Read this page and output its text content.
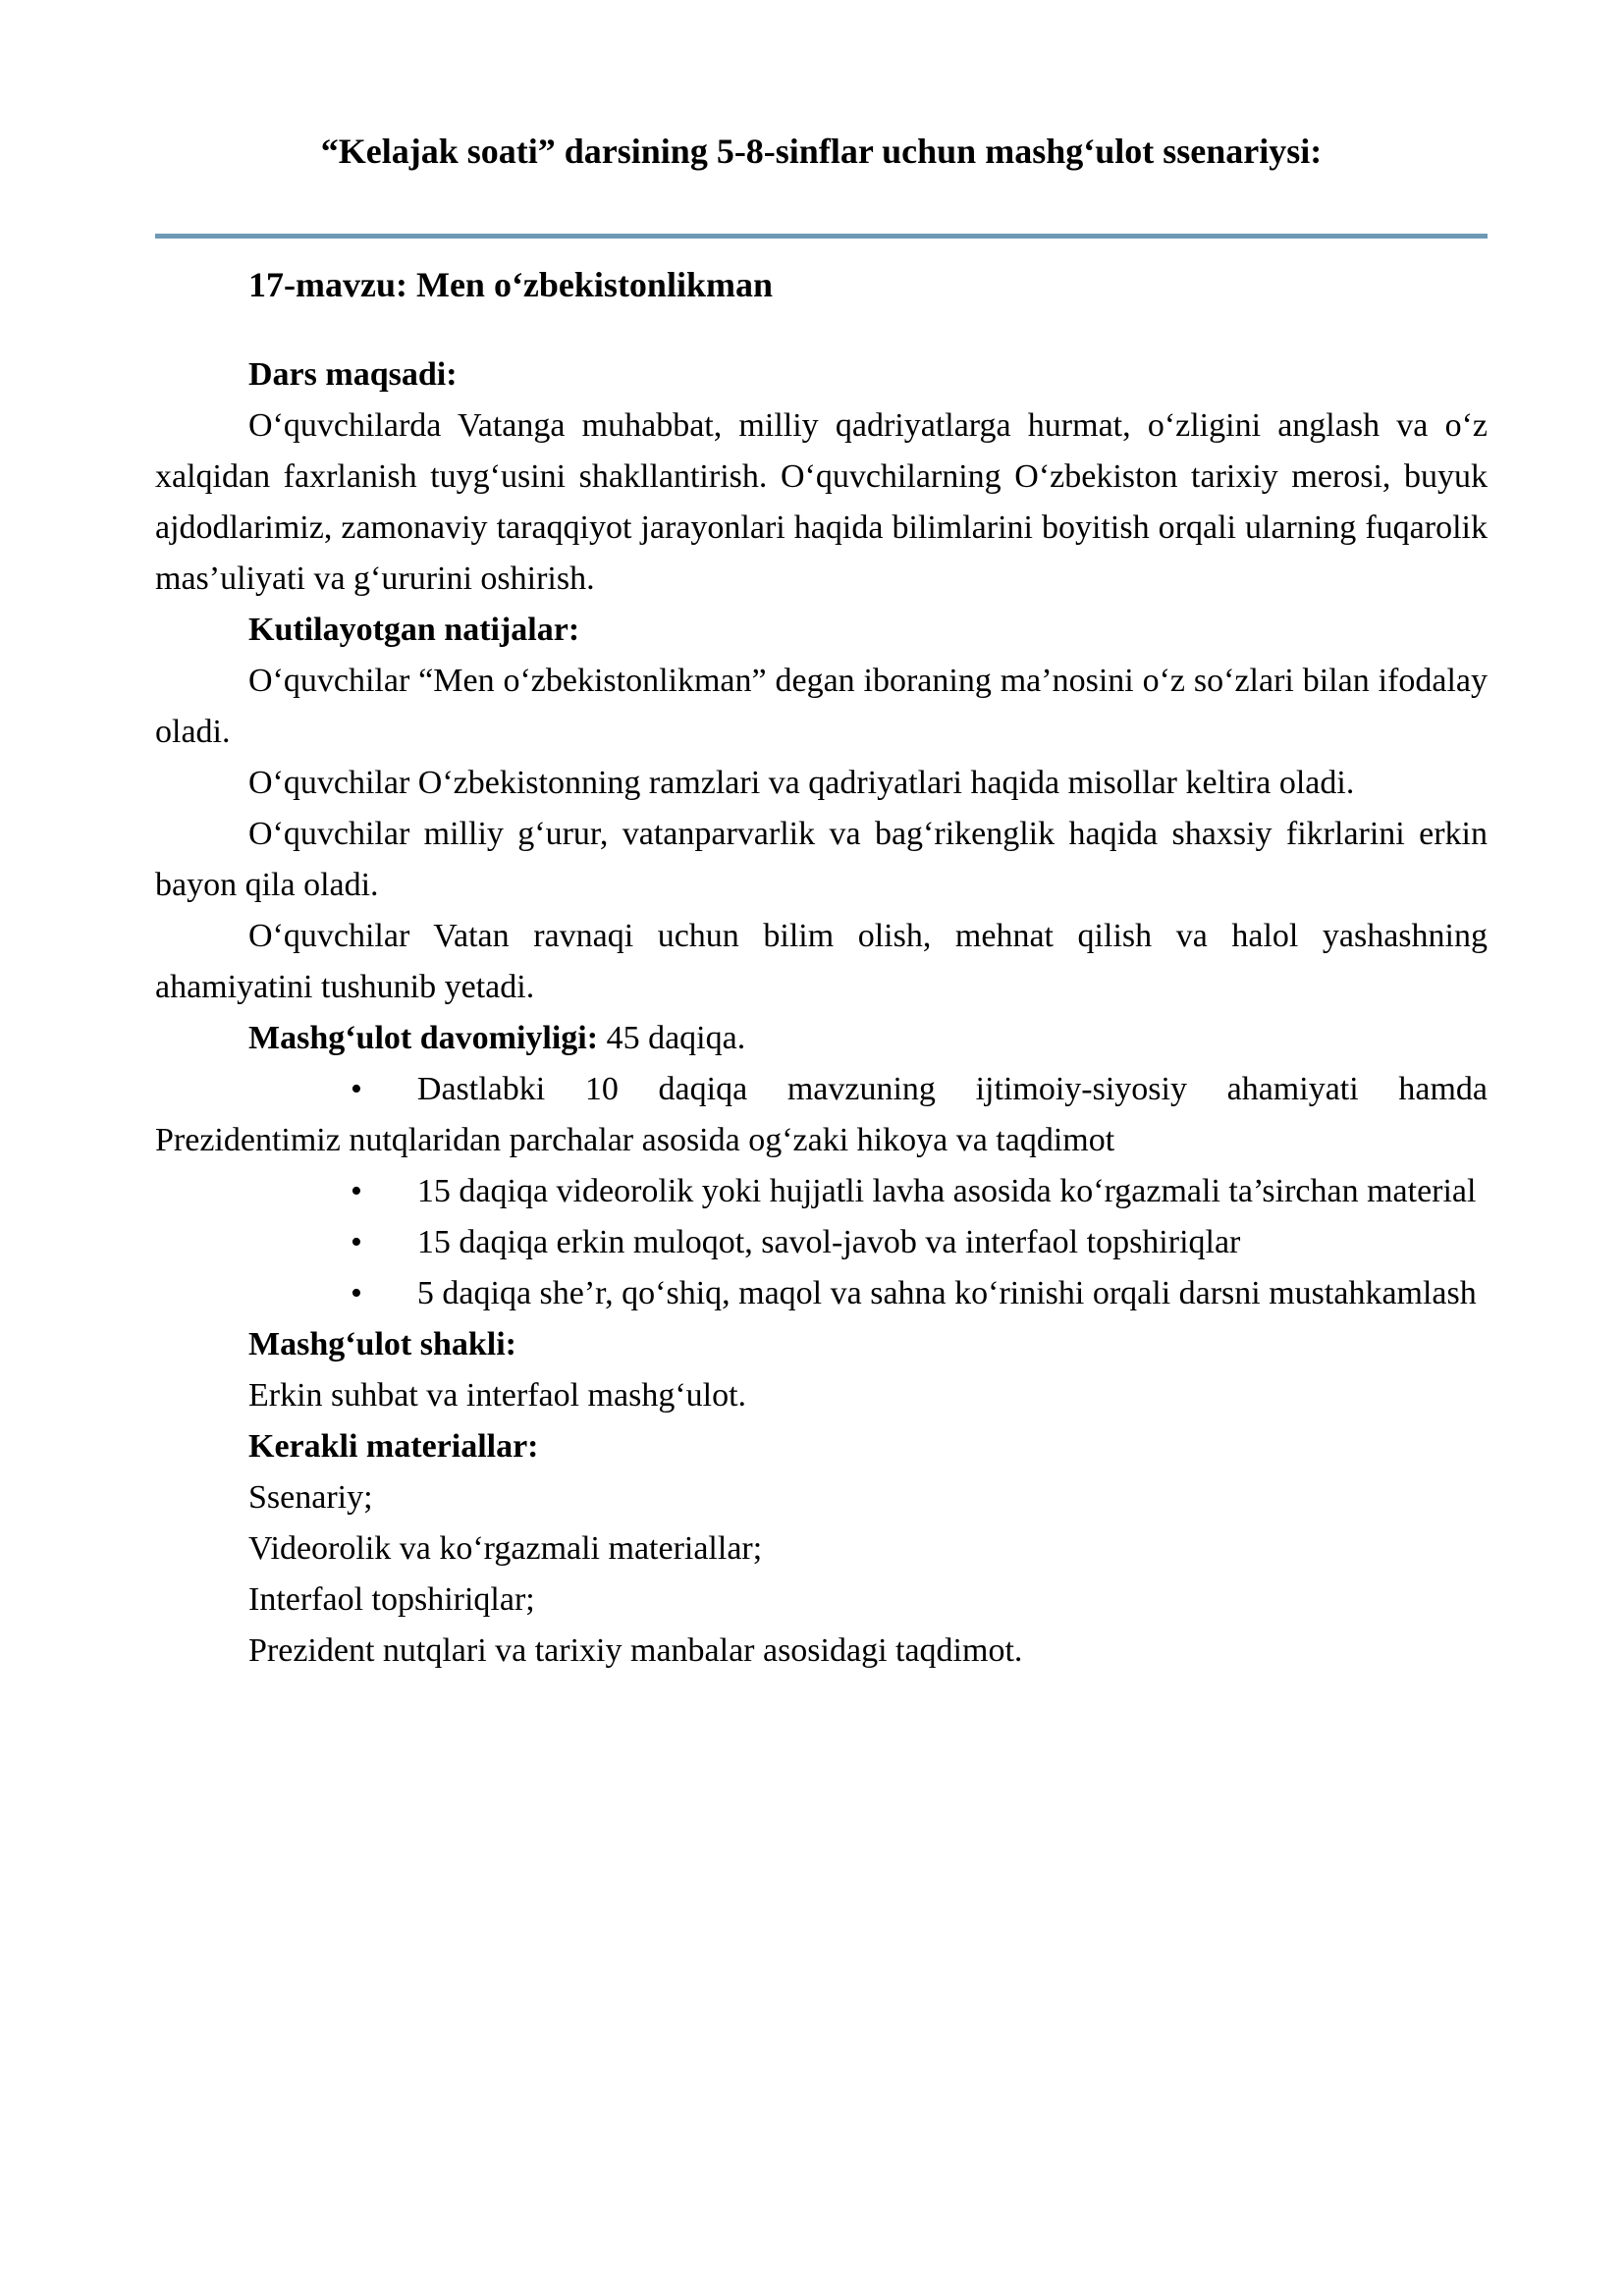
“Kelajak soati” darsining 5-8-sinflar uchun mashg‘ulot ssenariysi:
17-mavzu: Men o‘zbekistonlikman
Dars maqsadi:
O‘quvchilarda Vatanga muhabbat, milliy qadriyatlarga hurmat, o‘zligini anglash va o‘z xalqidan faxrlanish tuyg‘usini shakllantirish. O‘quvchilarning O‘zbekiston tarixiy merosi, buyuk ajdodlarimiz, zamonaviy taraqqiyot jarayonlari haqida bilimlarini boyitish orqali ularning fuqarolik mas’uliyati va g‘ururini oshirish.
Kutilayotgan natijalar:
O‘quvchilar “Men o‘zbekistonlikman” degan iboraning ma’nosini o‘z so‘zlari bilan ifodalay oladi.
O‘quvchilar O‘zbekistonning ramzlari va qadriyatlari haqida misollar keltira oladi.
O‘quvchilar milliy g‘urur, vatanparvarlik va bag‘rikenglik haqida shaxsiy fikrlarini erkin bayon qila oladi.
O‘quvchilar Vatan ravnaqi uchun bilim olish, mehnat qilish va halol yashashning ahamiyatini tushunib yetadi.
Mashg‘ulot davomiyligi: 45 daqiqa.
• Dastlabki 10 daqiqa mavzuning ijtimoiy-siyosiy ahamiyati hamda Prezidentimiz nutqlaridan parchalar asosida og‘zaki hikoya va taqdimot
• 15 daqiqa videorolik yoki hujjatli lavha asosida ko‘rgazmali ta’sirchan material
• 15 daqiqa erkin muloqot, savol-javob va interfaol topshiriqlar
• 5 daqiqa she’r, qo‘shiq, maqol va sahna ko‘rinishi orqali darsni mustahkamlash
Mashg‘ulot shakli:
Erkin suhbat va interfaol mashg‘ulot.
Kerakli materiallar:
Ssenariy;
Videorolik va ko‘rgazmali materiallar;
Interfaol topshiriqlar;
Prezident nutqlari va tarixiy manbalar asosidagi taqdimot.
